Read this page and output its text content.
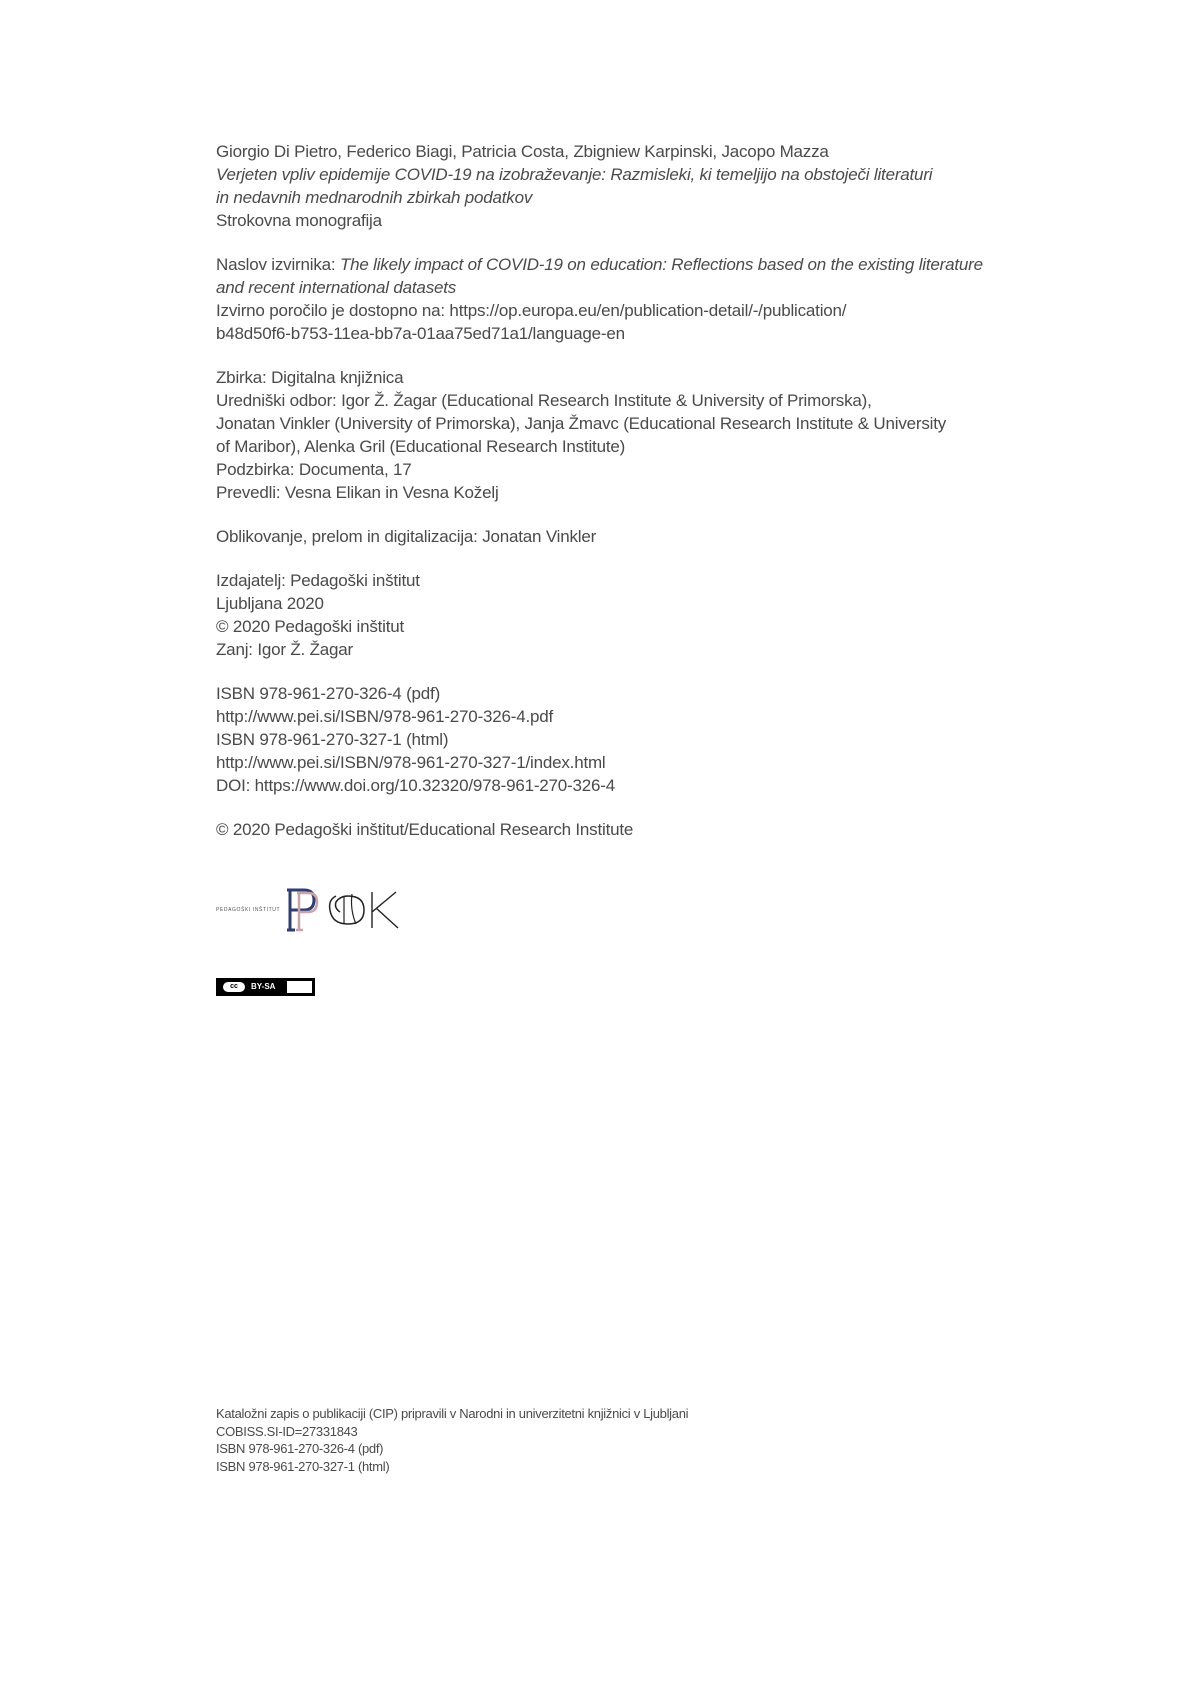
Giorgio Di Pietro, Federico Biagi, Patricia Costa, Zbigniew Karpinski, Jacopo Mazza
Verjeten vpliv epidemije COVID-19 na izobraževanje: Razmisleki, ki temeljijo na obstoječi literaturi
in nedavnih mednarodnih zbirkah podatkov
Strokovna monografija
Naslov izvirnika: The likely impact of COVID-19 on education: Reflections based on the existing literature
and recent international datasets
Izvirno poročilo je dostopno na: https://op.europa.eu/en/publication-detail/-/publication/
b48d50f6-b753-11ea-bb7a-01aa75ed71a1/language-en
Zbirka: Digitalna knjižnica
Uredniški odbor: Igor Ž. Žagar (Educational Research Institute & University of Primorska),
Jonatan Vinkler (University of Primorska), Janja Žmavc (Educational Research Institute & University
of Maribor), Alenka Gril (Educational Research Institute)
Podzbirka: Documenta, 17
Prevedli: Vesna Elikan in Vesna Koželj
Oblikovanje, prelom in digitalizacija: Jonatan Vinkler
Izdajatelj: Pedagoški inštitut
Ljubljana 2020
© 2020 Pedagoški inštitut
Zanj: Igor Ž. Žagar
ISBN 978-961-270-326-4 (pdf)
http://www.pei.si/ISBN/978-961-270-326-4.pdf
ISBN 978-961-270-327-1 (html)
http://www.pei.si/ISBN/978-961-270-327-1/index.html
DOI: https://www.doi.org/10.32320/978-961-270-326-4
© 2020 Pedagoški inštitut/Educational Research Institute
PEDAGOŠKI INŠTITUT
cc	BY-SA
Kataložni zapis o publikaciji (CIP) pripravili v Narodni in univerzitetni knjižnici v Ljubljani
COBISS.SI-ID=27331843
ISBN 978-961-270-326-4 (pdf)
ISBN 978-961-270-327-1 (html)
